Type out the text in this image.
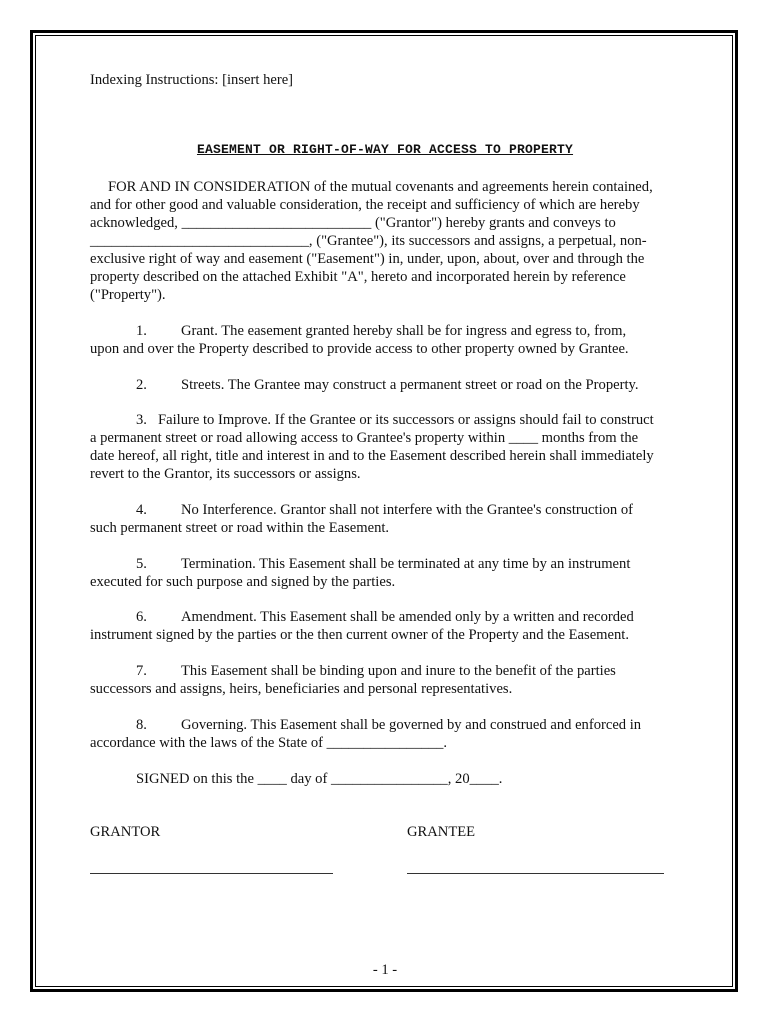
Indexing Instructions: [insert here]
EASEMENT OR RIGHT-OF-WAY FOR ACCESS TO PROPERTY
FOR AND IN CONSIDERATION of the mutual covenants and agreements herein contained,
and for other good and valuable consideration, the receipt and sufficiency of which are hereby
acknowledged, __________________________ ("Grantor") hereby grants and conveys to
______________________________, ("Grantee"), its successors and assigns, a perpetual, non-
exclusive right of way and easement ("Easement") in, under, upon, about, over and through the
property described on the attached Exhibit "A", hereto and incorporated herein by reference
("Property").
1. Grant. The easement granted hereby shall be for ingress and egress to, from,
upon and over the Property described to provide access to other property owned by Grantee.
2. Streets. The Grantee may construct a permanent street or road on the Property.
3. Failure to Improve. If the Grantee or its successors or assigns should fail to construct
a permanent street or road allowing access to Grantee's property within ____ months from the
date hereof, all right, title and interest in and to the Easement described herein shall immediately
revert to the Grantor, its successors or assigns.
4. No Interference. Grantor shall not interfere with the Grantee's construction of
such permanent street or road within the Easement.
5. Termination. This Easement shall be terminated at any time by an instrument
executed for such purpose and signed by the parties.
6. Amendment. This Easement shall be amended only by a written and recorded
instrument signed by the parties or the then current owner of the Property and the Easement.
7. This Easement shall be binding upon and inure to the benefit of the parties
successors and assigns, heirs, beneficiaries and personal representatives.
8. Governing. This Easement shall be governed by and construed and enforced in
accordance with the laws of the State of ________________.
SIGNED on this the ____ day of ________________, 20____.
GRANTOR	GRANTEE
- 1 -
